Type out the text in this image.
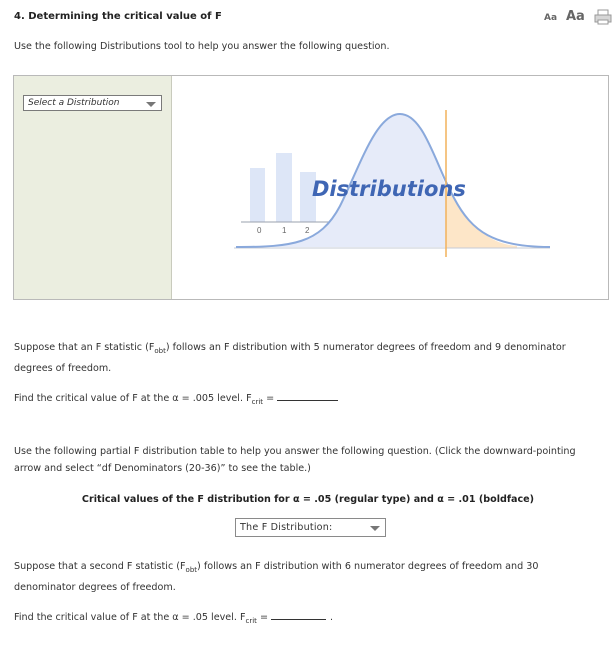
4. Determining the critical value of F	Aa Aa
Use the following Distributions tool to help you answer the following question.
Select a Distribution
0	1 2
Distributions
Suppose that an F statistic $(F_{obt})$ follows an F distribution with 5 numerator degrees of freedom and 9 denominator
degrees of freedom.
Find the critical value of F at the α = .005 level. $F_{crit}$ =
Use the following partial F distribution table to help you answer the following question. (Click the downward-pointing
arrow and select “df Denominators (20-36)” to see the table.)
Critical values of the F distribution for α = .05 (regular type) and α = .01 (boldface)
The F Distribution:
Suppose that a second F statistic $(F_{obt})$ follows an F distribution with 6 numerator degrees of freedom and 30
denominator degrees of freedom.
Find the critical value of F at the α = .05 level. $F_{crit}$ =	.
